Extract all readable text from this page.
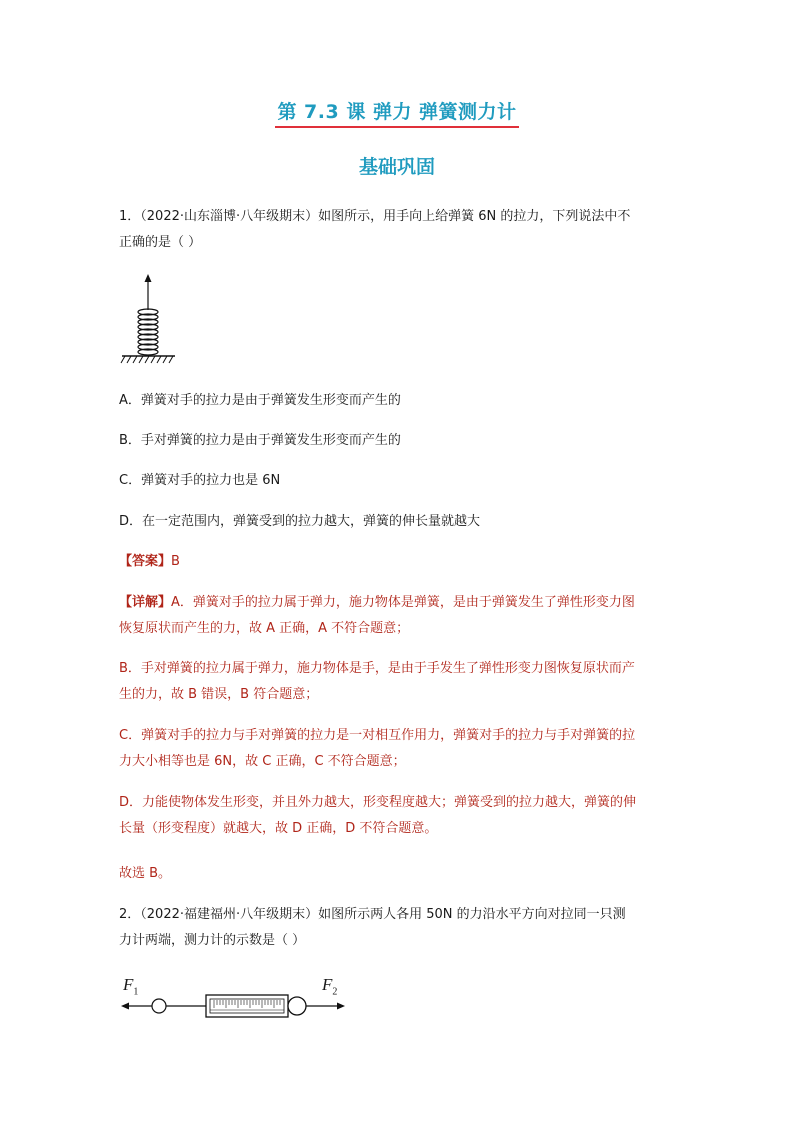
第 7.3 课 弹力 弹簧测力计
基础巩固
1．（2022·山东淄博·八年级期末）如图所示，用手向上给弹簧 6N 的拉力，下列说法中不
正确的是（ ）
A．弹簧对手的拉力是由于弹簧发生形变而产生的
B．手对弹簧的拉力是由于弹簧发生形变而产生的
C．弹簧对手的拉力也是 6N
D．在一定范围内，弹簧受到的拉力越大，弹簧的伸长量就越大
【答案】B
【详解】A．弹簧对手的拉力属于弹力，施力物体是弹簧，是由于弹簧发生了弹性形变力图
恢复原状而产生的力，故 A 正确，A 不符合题意；
B．手对弹簧的拉力属于弹力，施力物体是手，是由于手发生了弹性形变力图恢复原状而产
生的力，故 B 错误，B 符合题意；
C．弹簧对手的拉力与手对弹簧的拉力是一对相互作用力，弹簧对手的拉力与手对弹簧的拉
力大小相等也是 6N，故 C 正确，C 不符合题意；
D．力能使物体发生形变，并且外力越大，形变程度越大；弹簧受到的拉力越大，弹簧的伸
长量（形变程度）就越大，故 D 正确，D 不符合题意。
故选 B。
2．（2022·福建福州·八年级期末）如图所示两人各用 50N 的力沿水平方向对拉同一只测
力计两端，测力计的示数是（ ）
$F_1$	$F_2$
